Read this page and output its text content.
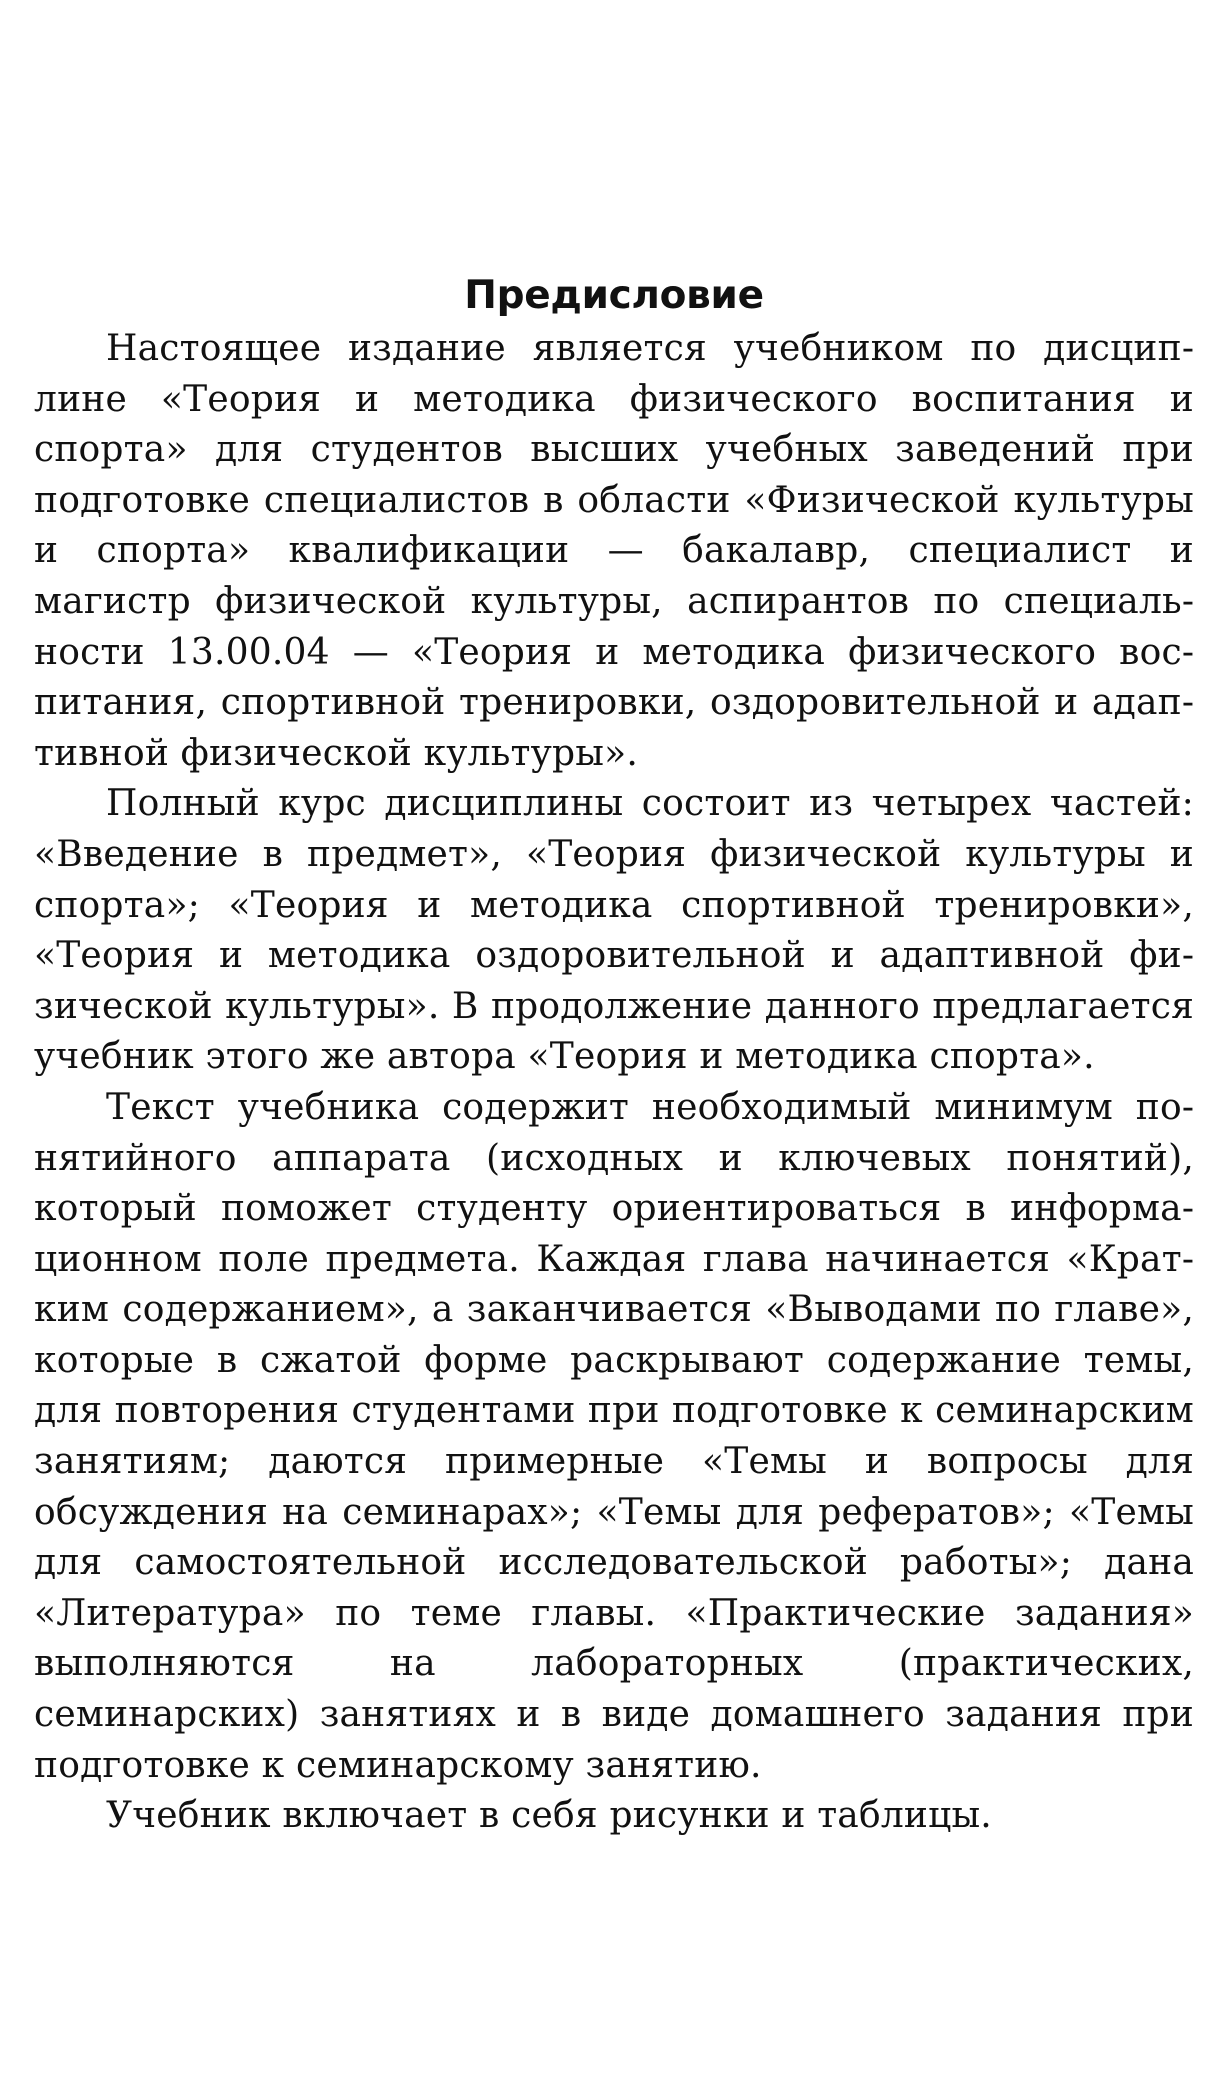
Предисловие

Настоящее издание является учебником по дисциплине «Теория и методика физического воспитания и спорта» для студентов высших учебных заведений при подготовке специалистов в области «Физической культуры и спорта» квалификации — бакалавр, специалист и магистр физической культуры, аспирантов по специальности 13.00.04 — «Теория и методика физического воспитания, спортивной тренировки, оздоровительной и адаптивной физической культуры».

Полный курс дисциплины состоит из четырех частей: «Введение в предмет», «Теория физической культуры и спорта»; «Теория и методика спортивной тренировки», «Теория и методика оздоровительной и адаптивной физической культуры». В продолжение данного предлагается учебник этого же автора «Теория и методика спорта».

Текст учебника содержит необходимый минимум понятийного аппарата (исходных и ключевых понятий), который поможет студенту ориентироваться в информационном поле предмета. Каждая глава начинается «Кратким содержанием», а заканчивается «Выводами по главе», которые в сжатой форме раскрывают содержание темы, для повторения студентами при подготовке к семинарским занятиям; даются примерные «Темы и вопросы для обсуждения на семинарах»; «Темы для рефератов»; «Темы для самостоятельной исследовательской работы»; дана «Литература» по теме главы. «Практические задания» выполняются на лабораторных (практических, семинарских) занятиях и в виде домашнего задания при подготовке к семинарскому занятию.

Учебник включает в себя рисунки и таблицы.
